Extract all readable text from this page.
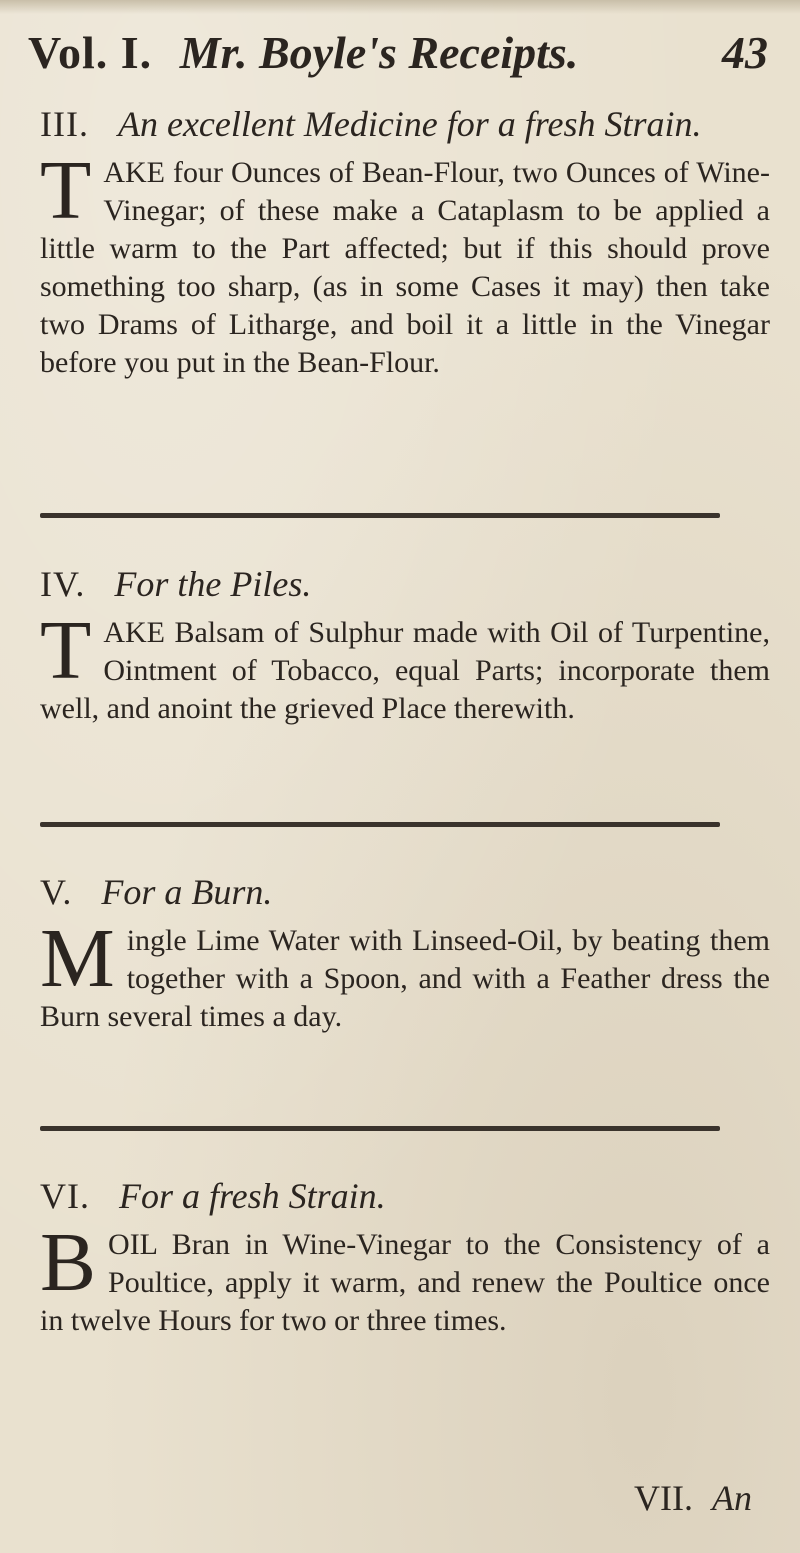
Vol. I. Mr. Boyle's Receipts.	43
III. An excellent Medicine for a fresh Strain.
T AKE four Ounces of Bean-Flour, two Ounces of Wine-Vinegar; of these make a Cataplasm to be applied a little warm to the Part affected; but if this should prove something too sharp, (as in some Cases it may) then take two Drams of Litharge, and boil it a little in the Vinegar before you put in the Bean-Flour.
IV. For the Piles.
T AKE Balsam of Sulphur made with Oil of Turpentine, Ointment of Tobacco, equal Parts; incorporate them well, and anoint the grieved Place therewith.
V. For a Burn.
M ingle Lime Water with Linseed-Oil, by beating them together with a Spoon, and with a Feather dress the Burn several times a day.
VI. For a fresh Strain.
B OIL Bran in Wine-Vinegar to the Consistency of a Poultice, apply it warm, and renew the Poultice once in twelve Hours for two or three times.
VII. An
